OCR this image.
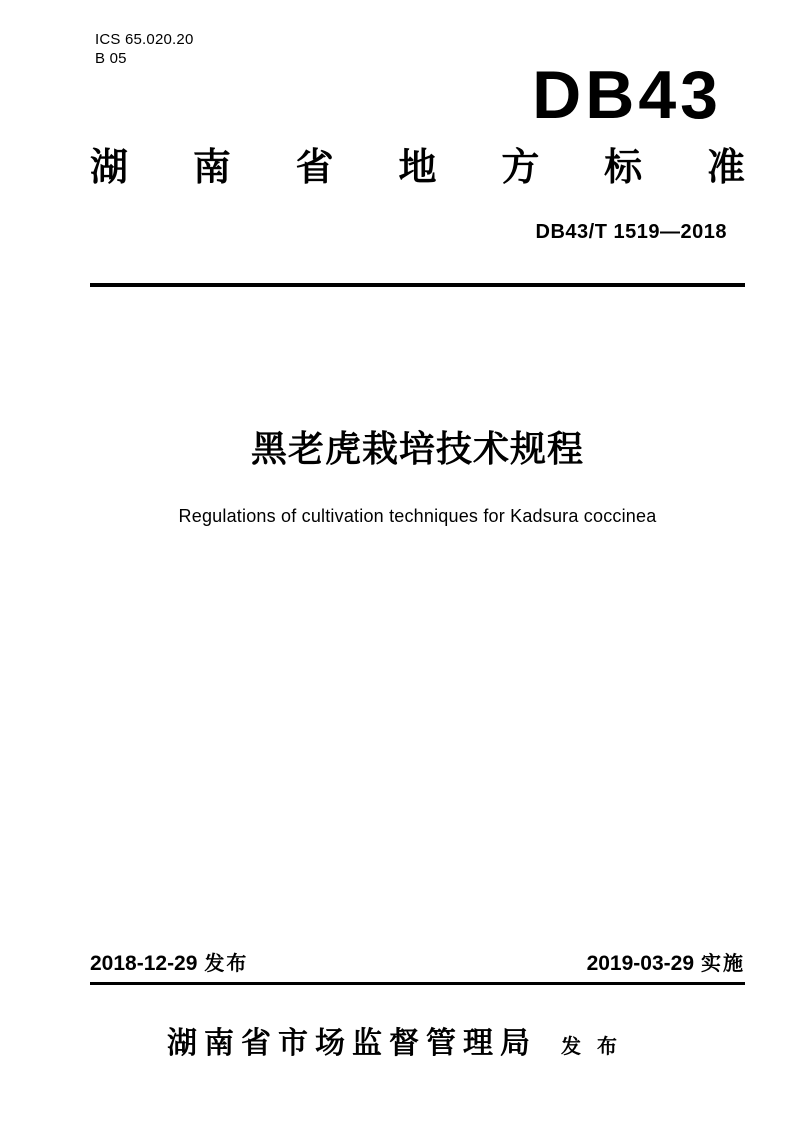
ICS 65.020.20
B 05	DB43
湖 南 省 地 方 标 准
DB43/T 1519—2018
黑老虎栽培技术规程
Regulations of cultivation techniques for Kadsura coccinea
2018-12-29 发布	2019-03-29 实施
湖南省市场监督管理局 发布
